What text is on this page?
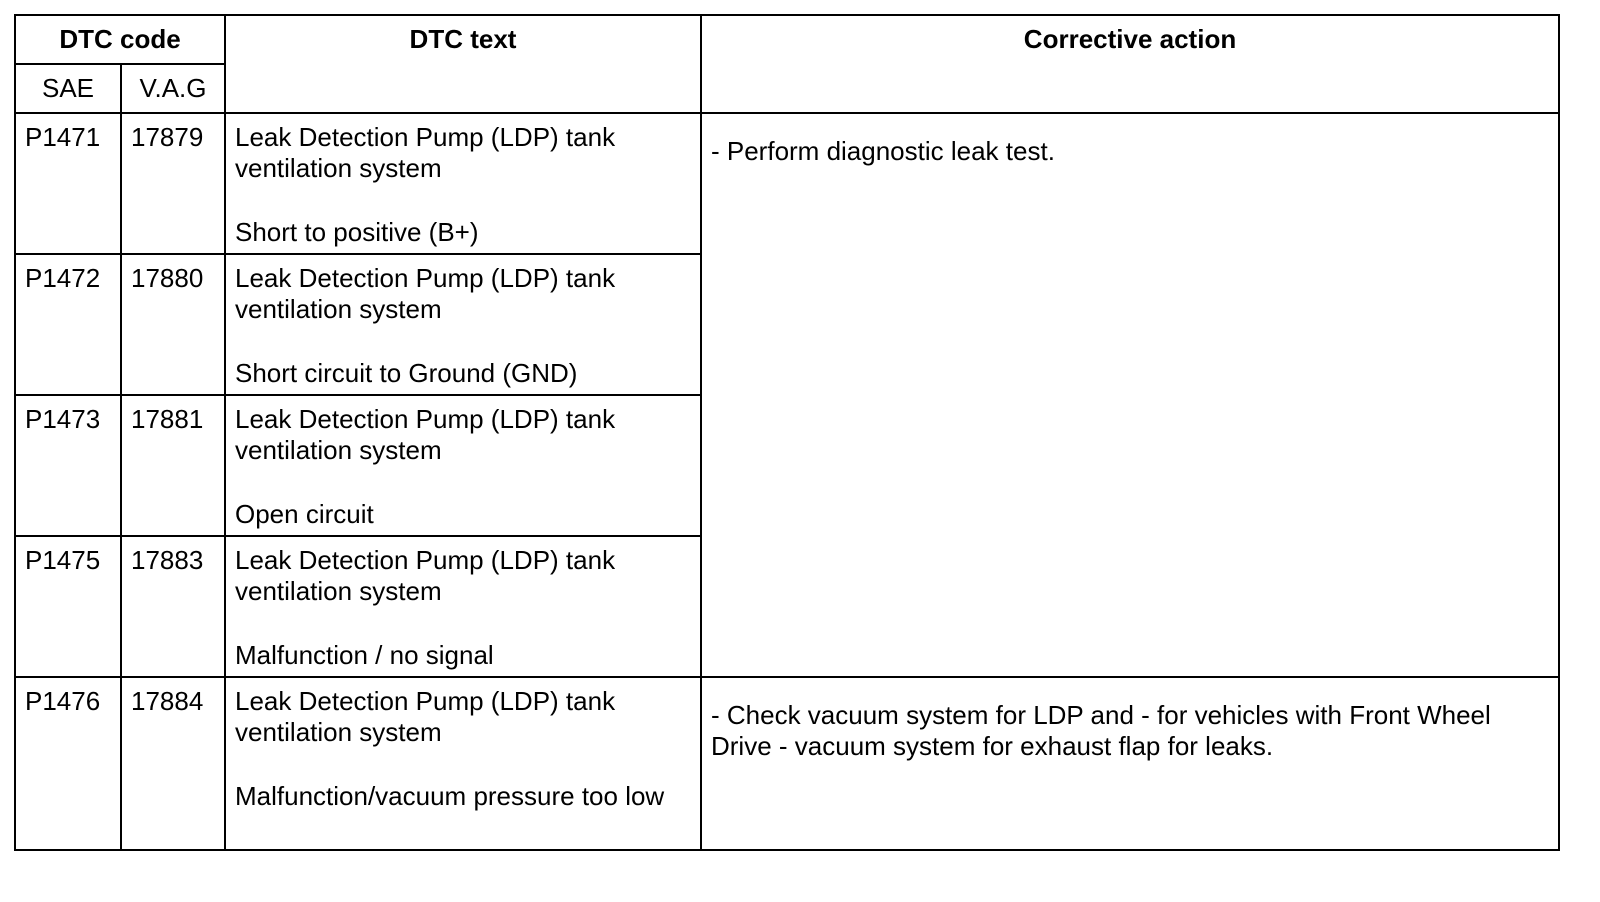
DTC code		DTC text	Corrective action
SAE	V.A.G		
P1471	17879	Leak Detection Pump (LDP) tank ventilation system
Short to positive (B+)	- Perform diagnostic leak test.

P1472	17880	Leak Detection Pump (LDP) tank ventilation system
Short circuit to Ground (GND)	

P1473	17881	Leak Detection Pump (LDP) tank ventilation system
Open circuit	

P1475	17883	Leak Detection Pump (LDP) tank ventilation system
Malfunction / no signal	

P1476	17884	Leak Detection Pump (LDP) tank ventilation system
Malfunction/vacuum pressure too low	- Check vacuum system for LDP and - for vehicles with Front Wheel Drive - vacuum system for exhaust flap for leaks.
